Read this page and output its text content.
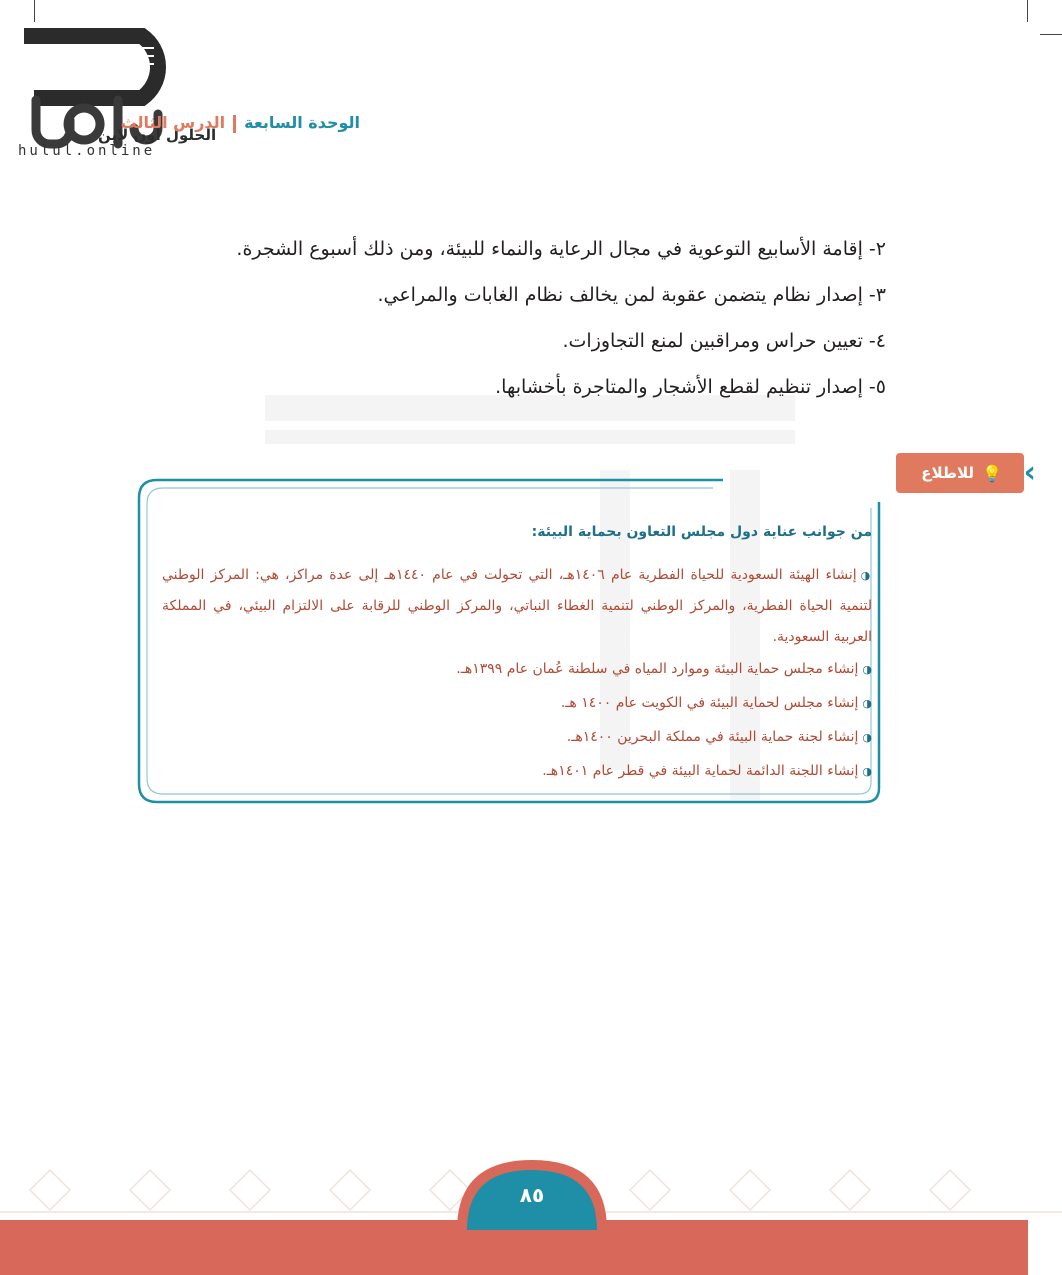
الحلول اون لاين
hulul.online
الوحدة السابعةالدرس الثالث
٢- إقامة الأسابيع التوعوية في مجال الرعاية والنماء للبيئة، ومن ذلك أسبوع الشجرة.
٣- إصدار نظام يتضمن عقوبة لمن يخالف نظام الغابات والمراعي.
٤- تعيين حراس ومراقبين لمنع التجاوزات.
٥- إصدار تنظيم لقطع الأشجار والمتاجرة بأخشابها.
💡
للاطلاع ‹
من جوانب عناية دول مجلس التعاون بحماية البيئة:

◑إنشاء الهيئة السعودية للحياة الفطرية عام ١٤٠٦هـ، التي تحولت في عام ١٤٤٠هـ إلى عدة مراكز، هي: المركز الوطني لتنمية الحياة الفطرية، والمركز الوطني لتنمية الغطاء النباتي، والمركز الوطني للرقابة على الالتزام البيئي، في المملكة العربية السعودية.

◑إنشاء مجلس حماية البيئة وموارد المياه في سلطنة عُمان عام ١٣٩٩هـ.

◑إنشاء مجلس لحماية البيئة في الكويت عام ١٤٠٠ هـ.

◑إنشاء لجنة حماية البيئة في مملكة البحرين ١٤٠٠هـ.

◑إنشاء اللجنة الدائمة لحماية البيئة في قطر عام ١٤٠١هـ.

٨٥
